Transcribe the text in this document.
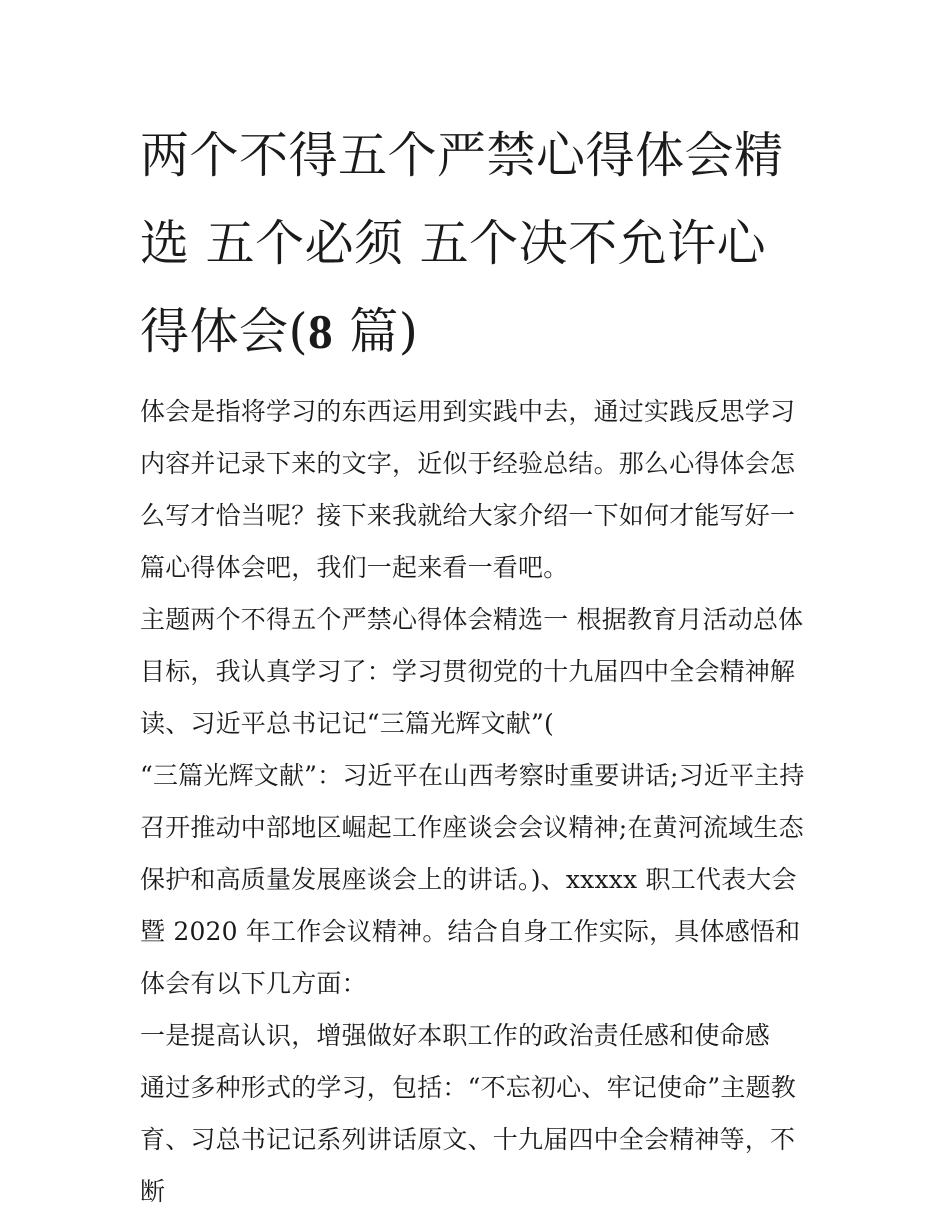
两个不得五个严禁心得体会精
选 五个必须 五个决不允许心
得体会(8 篇)

体会是指将学习的东西运用到实践中去，通过实践反思学习内容并记录下来的文字，近似于经验总结。那么心得体会怎么写才恰当呢？接下来我就给大家介绍一下如何才能写好一篇心得体会吧，我们一起来看一看吧。

主题两个不得五个严禁心得体会精选一 根据教育月活动总体目标，我认真学习了：学习贯彻党的十九届四中全会精神解读、习近平总书记记“三篇光辉文献”(

“三篇光辉文献”：习近平在山西考察时重要讲话;习近平主持召开推动中部地区崛起工作座谈会会议精神;在黄河流域生态保护和高质量发展座谈会上的讲话。)、xxxxx 职工代表大会暨 2020 年工作会议精神。结合自身工作实际，具体感悟和体会有以下几方面：

一是提高认识，增强做好本职工作的政治责任感和使命感

通过多种形式的学习，包括：“不忘初心、牢记使命”主题教育、习总书记记系列讲话原文、十九届四中全会精神等，不断
